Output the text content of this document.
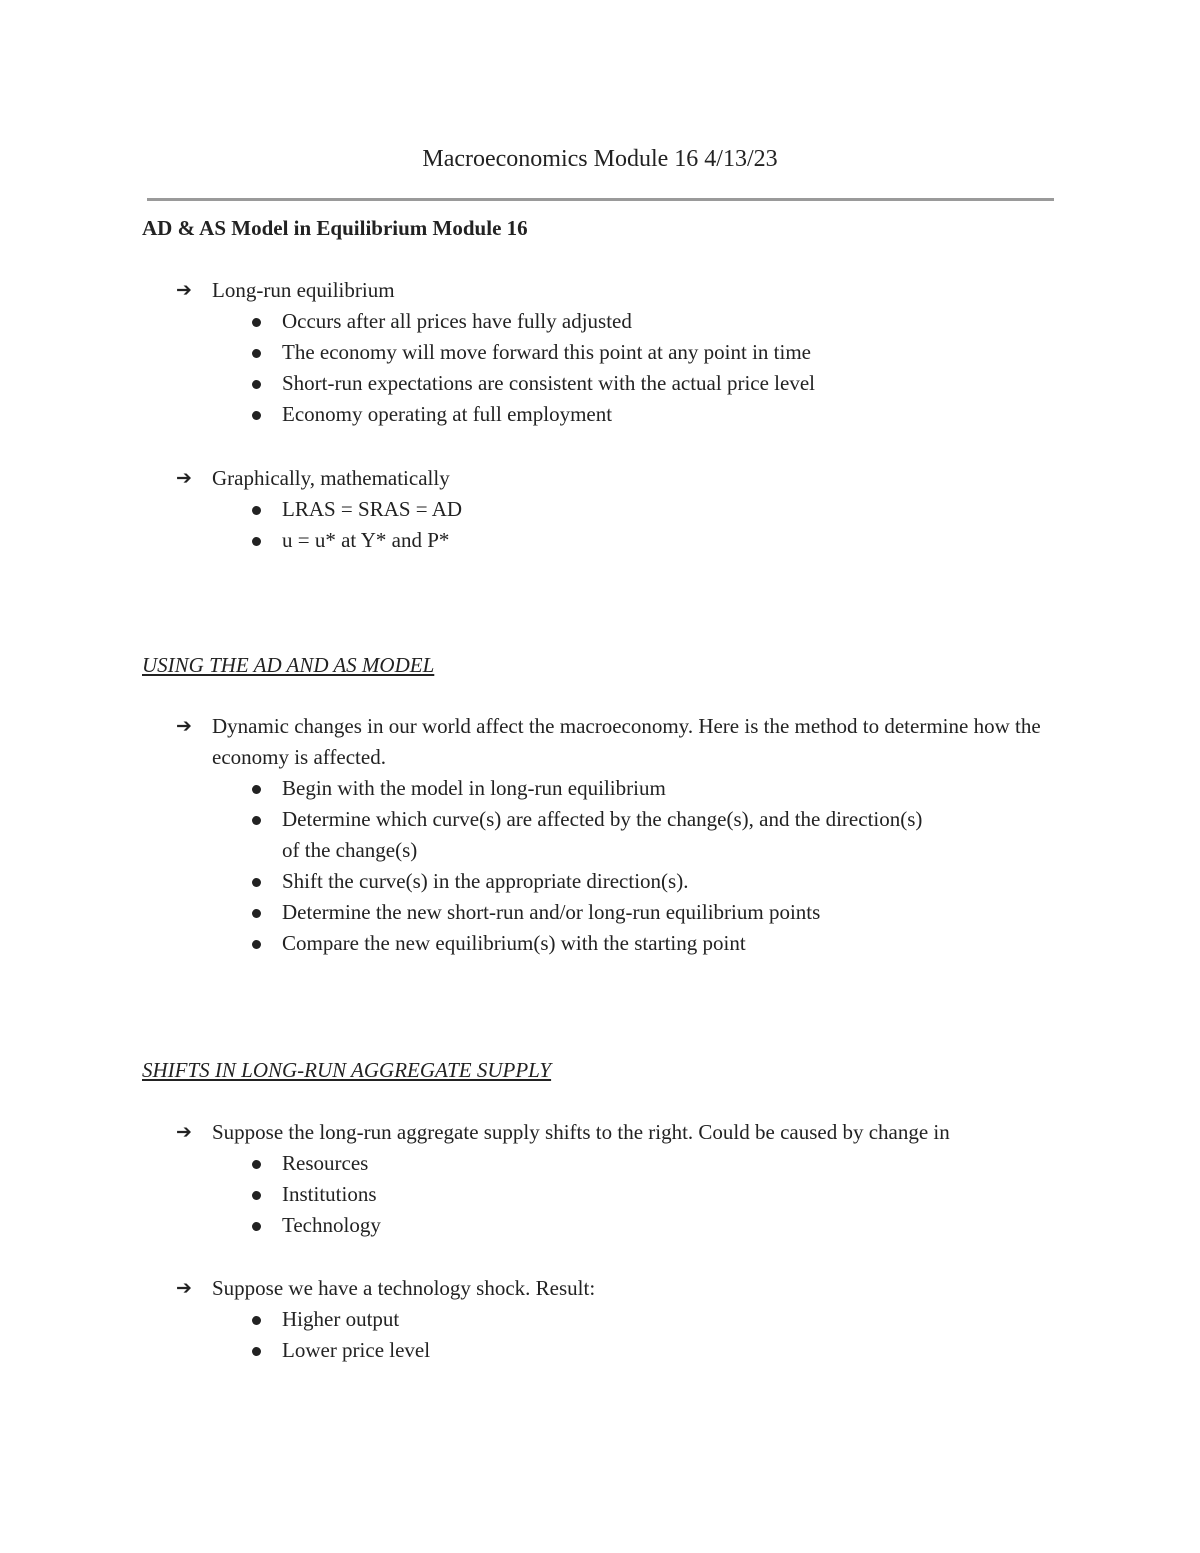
Macroeconomics Module 16 4/13/23
AD & AS Model in Equilibrium Module 16
➔ Long-run equilibrium
Occurs after all prices have fully adjusted
The economy will move forward this point at any point in time
Short-run expectations are consistent with the actual price level
Economy operating at full employment
➔ Graphically, mathematically
LRAS = SRAS = AD
u = u* at Y* and P*
USING THE AD AND AS MODEL
➔ Dynamic changes in our world affect the macroeconomy. Here is the method to determine how the economy is affected.
Begin with the model in long-run equilibrium
Determine which curve(s) are affected by the change(s), and the direction(s) of the change(s)
Shift the curve(s) in the appropriate direction(s).
Determine the new short-run and/or long-run equilibrium points
Compare the new equilibrium(s) with the starting point
SHIFTS IN LONG-RUN AGGREGATE SUPPLY
➔ Suppose the long-run aggregate supply shifts to the right. Could be caused by change in
Resources
Institutions
Technology
➔ Suppose we have a technology shock. Result:
Higher output
Lower price level
